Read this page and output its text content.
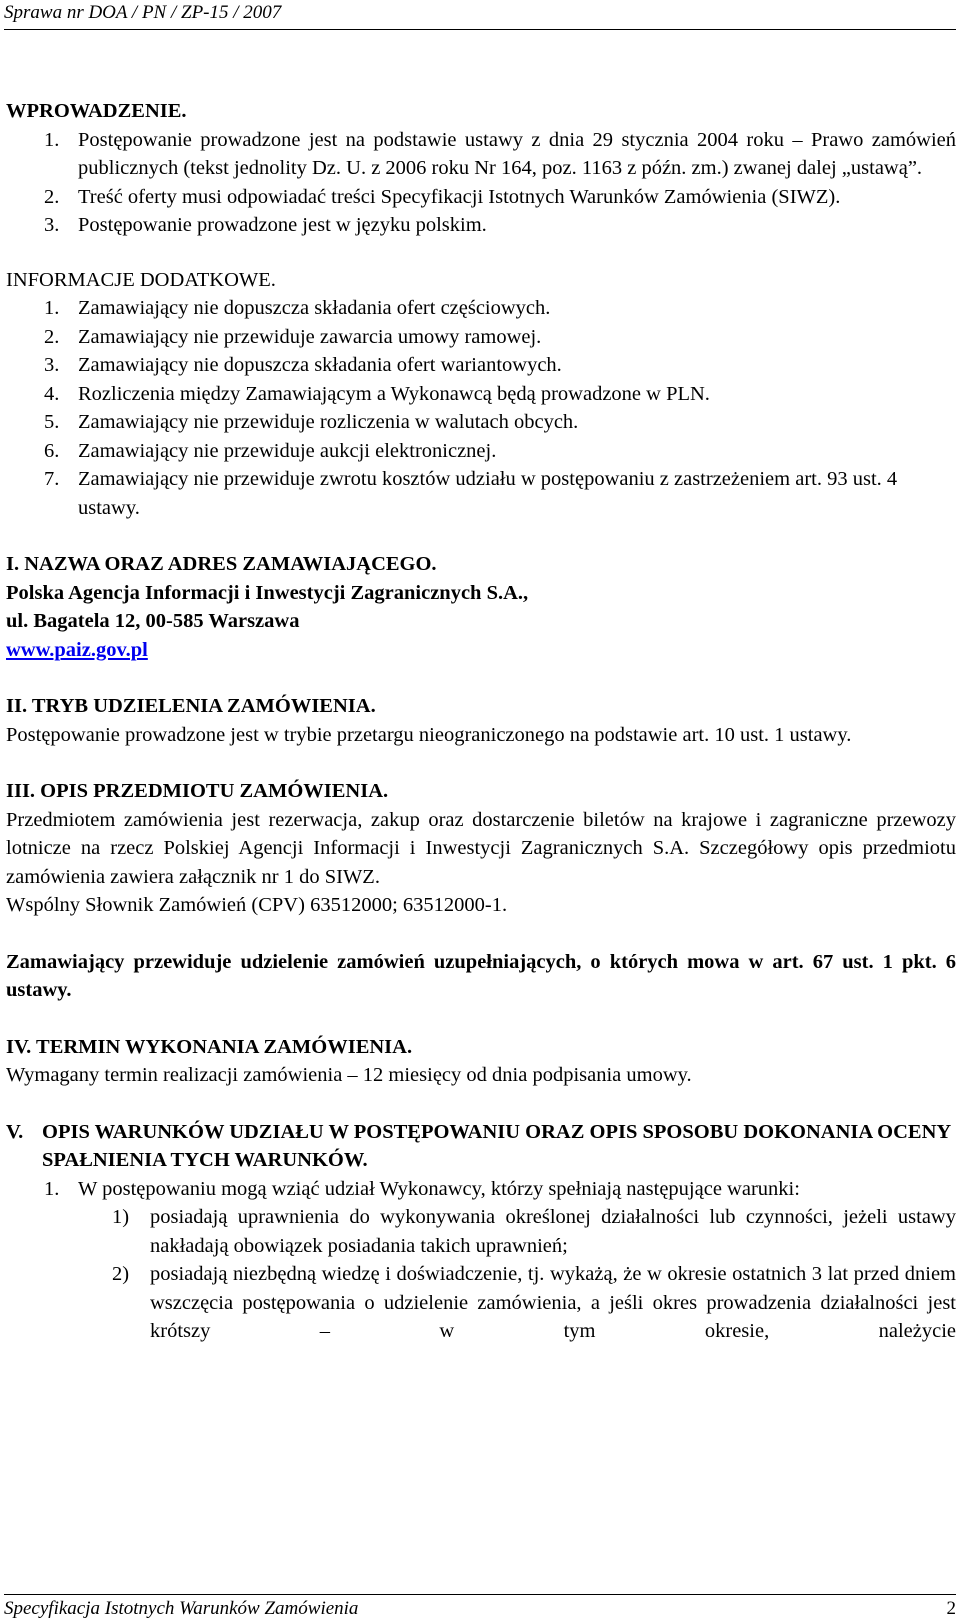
Sprawa nr DOA / PN / ZP-15 / 2007
WPROWADZENIE.
1. Postępowanie prowadzone jest na podstawie ustawy z dnia 29 stycznia 2004 roku – Prawo zamówień publicznych (tekst jednolity Dz. U. z 2006 roku Nr 164, poz. 1163 z późn. zm.) zwanej dalej „ustawą”.
2. Treść oferty musi odpowiadać treści Specyfikacji Istotnych Warunków Zamówienia (SIWZ).
3. Postępowanie prowadzone jest w języku polskim.
INFORMACJE DODATKOWE.
1. Zamawiający nie dopuszcza składania ofert częściowych.
2. Zamawiający nie przewiduje zawarcia umowy ramowej.
3. Zamawiający nie dopuszcza składania ofert wariantowych.
4. Rozliczenia między Zamawiającym a Wykonawcą będą prowadzone w PLN.
5. Zamawiający nie przewiduje rozliczenia w walutach obcych.
6. Zamawiający nie przewiduje aukcji elektronicznej.
7. Zamawiający nie przewiduje zwrotu kosztów udziału w postępowaniu z zastrzeżeniem art. 93 ust. 4 ustawy.
I. NAZWA ORAZ ADRES ZAMAWIAJĄCEGO.
Polska Agencja Informacji i Inwestycji Zagranicznych S.A.,
ul. Bagatela 12, 00-585 Warszawa
www.paiz.gov.pl
II. TRYB UDZIELENIA ZAMÓWIENIA.
Postępowanie prowadzone jest w trybie przetargu nieograniczonego na podstawie art. 10 ust. 1 ustawy.
III. OPIS PRZEDMIOTU ZAMÓWIENIA.
Przedmiotem zamówienia jest rezerwacja, zakup oraz dostarczenie biletów na krajowe i zagraniczne przewozy lotnicze na rzecz Polskiej Agencji Informacji i Inwestycji Zagranicznych S.A. Szczegółowy opis przedmiotu zamówienia zawiera załącznik nr 1 do SIWZ.
Wspólny Słownik Zamówień (CPV) 63512000; 63512000-1.
Zamawiający przewiduje udzielenie zamówień uzupełniających, o których mowa w art. 67 ust. 1 pkt. 6 ustawy.
IV. TERMIN WYKONANIA ZAMÓWIENIA.
Wymagany termin realizacji zamówienia – 12 miesięcy od dnia podpisania umowy.
V. OPIS WARUNKÓW UDZIAŁU W POSTĘPOWANIU ORAZ OPIS SPOSOBU DOKONANIA OCENY SPAŁNIENIA TYCH WARUNKÓW.
1. W postępowaniu mogą wziąć udział Wykonawcy, którzy spełniają następujące warunki:
1) posiadają uprawnienia do wykonywania określonej działalności lub czynności, jeżeli ustawy nakładają obowiązek posiadania takich uprawnień;
2) posiadają niezbędną wiedzę i doświadczenie, tj. wykażą, że w okresie ostatnich 3 lat przed dniem wszczęcia postępowania o udzielenie zamówienia, a jeśli okres prowadzenia działalności jest krótszy – w tym okresie, należycie
Specyfikacja Istotnych Warunków Zamówienia	2
